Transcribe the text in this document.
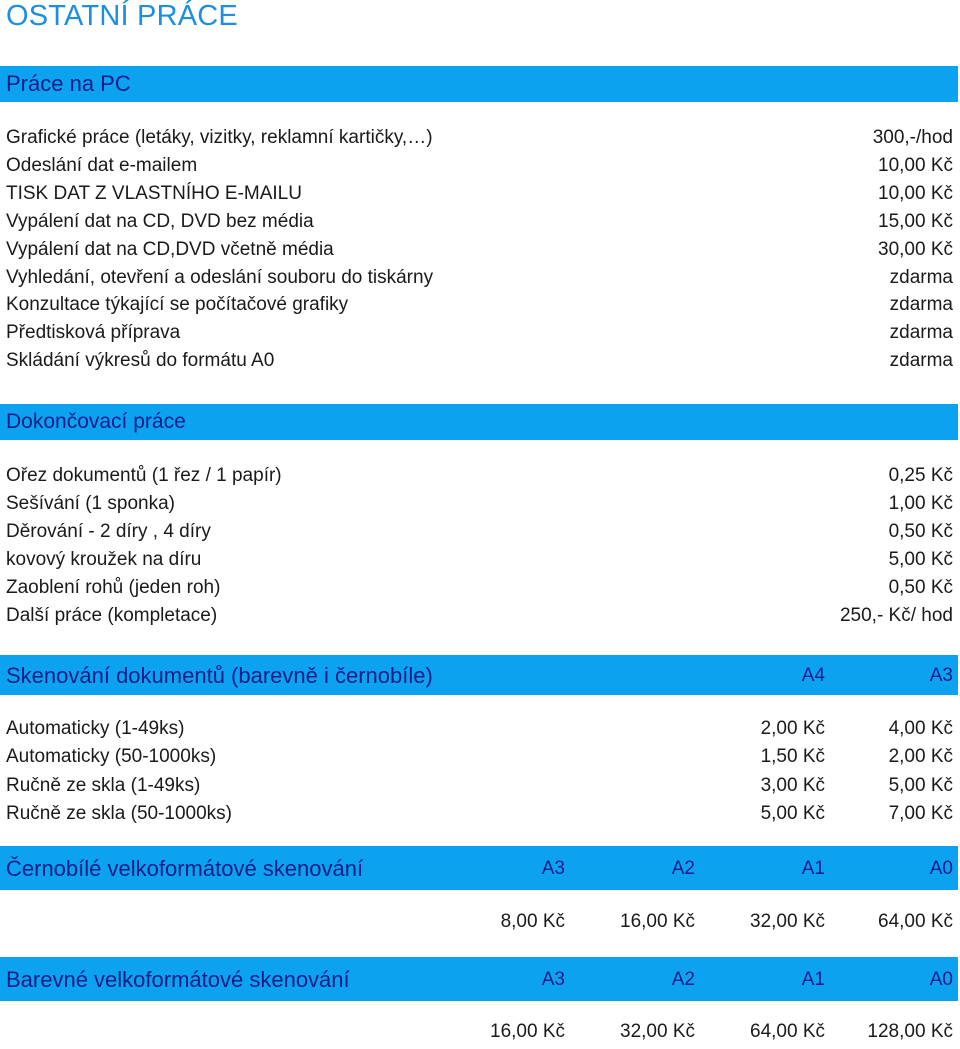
OSTATNÍ PRÁCE
Práce na PC
Grafické práce (letáky, vizitky, reklamní kartičky,…)	300,-/hod
Odeslání dat e-mailem	10,00 Kč
TISK DAT Z VLASTNÍHO E-MAILU	10,00 Kč
Vypálení dat na CD, DVD bez média	15,00 Kč
Vypálení dat na CD,DVD včetně média	30,00 Kč
Vyhledání, otevření a odeslání souboru do tiskárny	zdarma
Konzultace týkající se počítačové grafiky	zdarma
Předtisková příprava	zdarma
Skládání výkresů do formátu A0	zdarma
Dokončovací práce
Ořez dokumentů (1 řez / 1 papír)	0,25 Kč
Sešívání (1 sponka)	1,00 Kč
Děrování - 2 díry , 4 díry	0,50 Kč
kovový kroužek na díru	5,00 Kč
Zaoblení rohů (jeden roh)	0,50 Kč
Další práce (kompletace)	250,- Kč/ hod
Skenování dokumentů (barevně i černobíle)	A4	A3
Automaticky (1-49ks)	2,00 Kč	4,00 Kč
Automaticky (50-1000ks)	1,50 Kč	2,00 Kč
Ručně ze skla (1-49ks)	3,00 Kč	5,00 Kč
Ručně ze skla (50-1000ks)	5,00 Kč	7,00 Kč
Černobílé velkoformátové skenování	A3	A2	A1	A0
8,00 Kč	16,00 Kč	32,00 Kč	64,00 Kč
Barevné velkoformátové skenování	A3	A2	A1	A0
16,00 Kč	32,00 Kč	64,00 Kč	128,00 Kč
